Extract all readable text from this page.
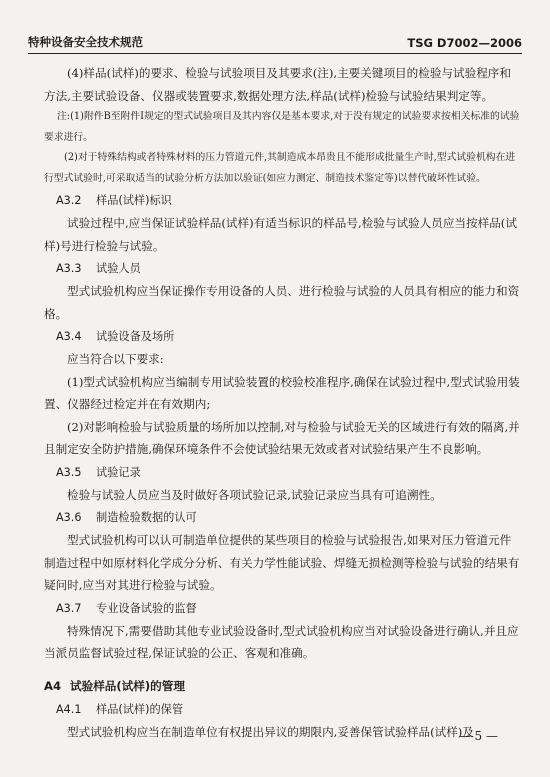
特种设备安全技术规范	TSG D7002—2006

(4)样品(试样)的要求、检验与试验项目及其要求(注),主要关键项目的检验与试验程序和方法,主要试验设备、仪器或装置要求,数据处理方法,样品(试样)检验与试验结果判定等。

注:(1)附件B至附件I规定的型式试验项目及其内容仅是基本要求,对于没有规定的试验要求按相关标准的试验要求进行。

(2)对于特殊结构或者特殊材料的压力管道元件,其制造成本昂贵且不能形成批量生产时,型式试验机构在进行型式试验时,可采取适当的试验分析方法加以验证(如应力测定、制造技术鉴定等)以替代破坏性试验。

A3.2 样品(试样)标识

试验过程中,应当保证试验样品(试样)有适当标识的样品号,检验与试验人员应当按样品(试样)号进行检验与试验。

A3.3 试验人员

型式试验机构应当保证操作专用设备的人员、进行检验与试验的人员具有相应的能力和资格。

A3.4 试验设备及场所

应当符合以下要求:

(1)型式试验机构应当编制专用试验装置的校验校准程序,确保在试验过程中,型式试验用装置、仪器经过检定并在有效期内;

(2)对影响检验与试验质量的场所加以控制,对与检验与试验无关的区域进行有效的隔离,并且制定安全防护措施,确保环境条件不会使试验结果无效或者对试验结果产生不良影响。

A3.5 试验记录

检验与试验人员应当及时做好各项试验记录,试验记录应当具有可追溯性。

A3.6 制造检验数据的认可

型式试验机构可以认可制造单位提供的某些项目的检验与试验报告,如果对压力管道元件制造过程中如原材料化学成分分析、有关力学性能试验、焊缝无损检测等检验与试验的结果有疑问时,应当对其进行检验与试验。

A3.7 专业设备试验的监督

特殊情况下,需要借助其他专业试验设备时,型式试验机构应当对试验设备进行确认,并且应当派员监督试验过程,保证试验的公正、客观和准确。

A4 试验样品(试样)的管理
A4.1 样品(试样)的保管

型式试验机构应当在制造单位有权提出异议的期限内,妥善保管试验样品(试样)及

— 5 —
